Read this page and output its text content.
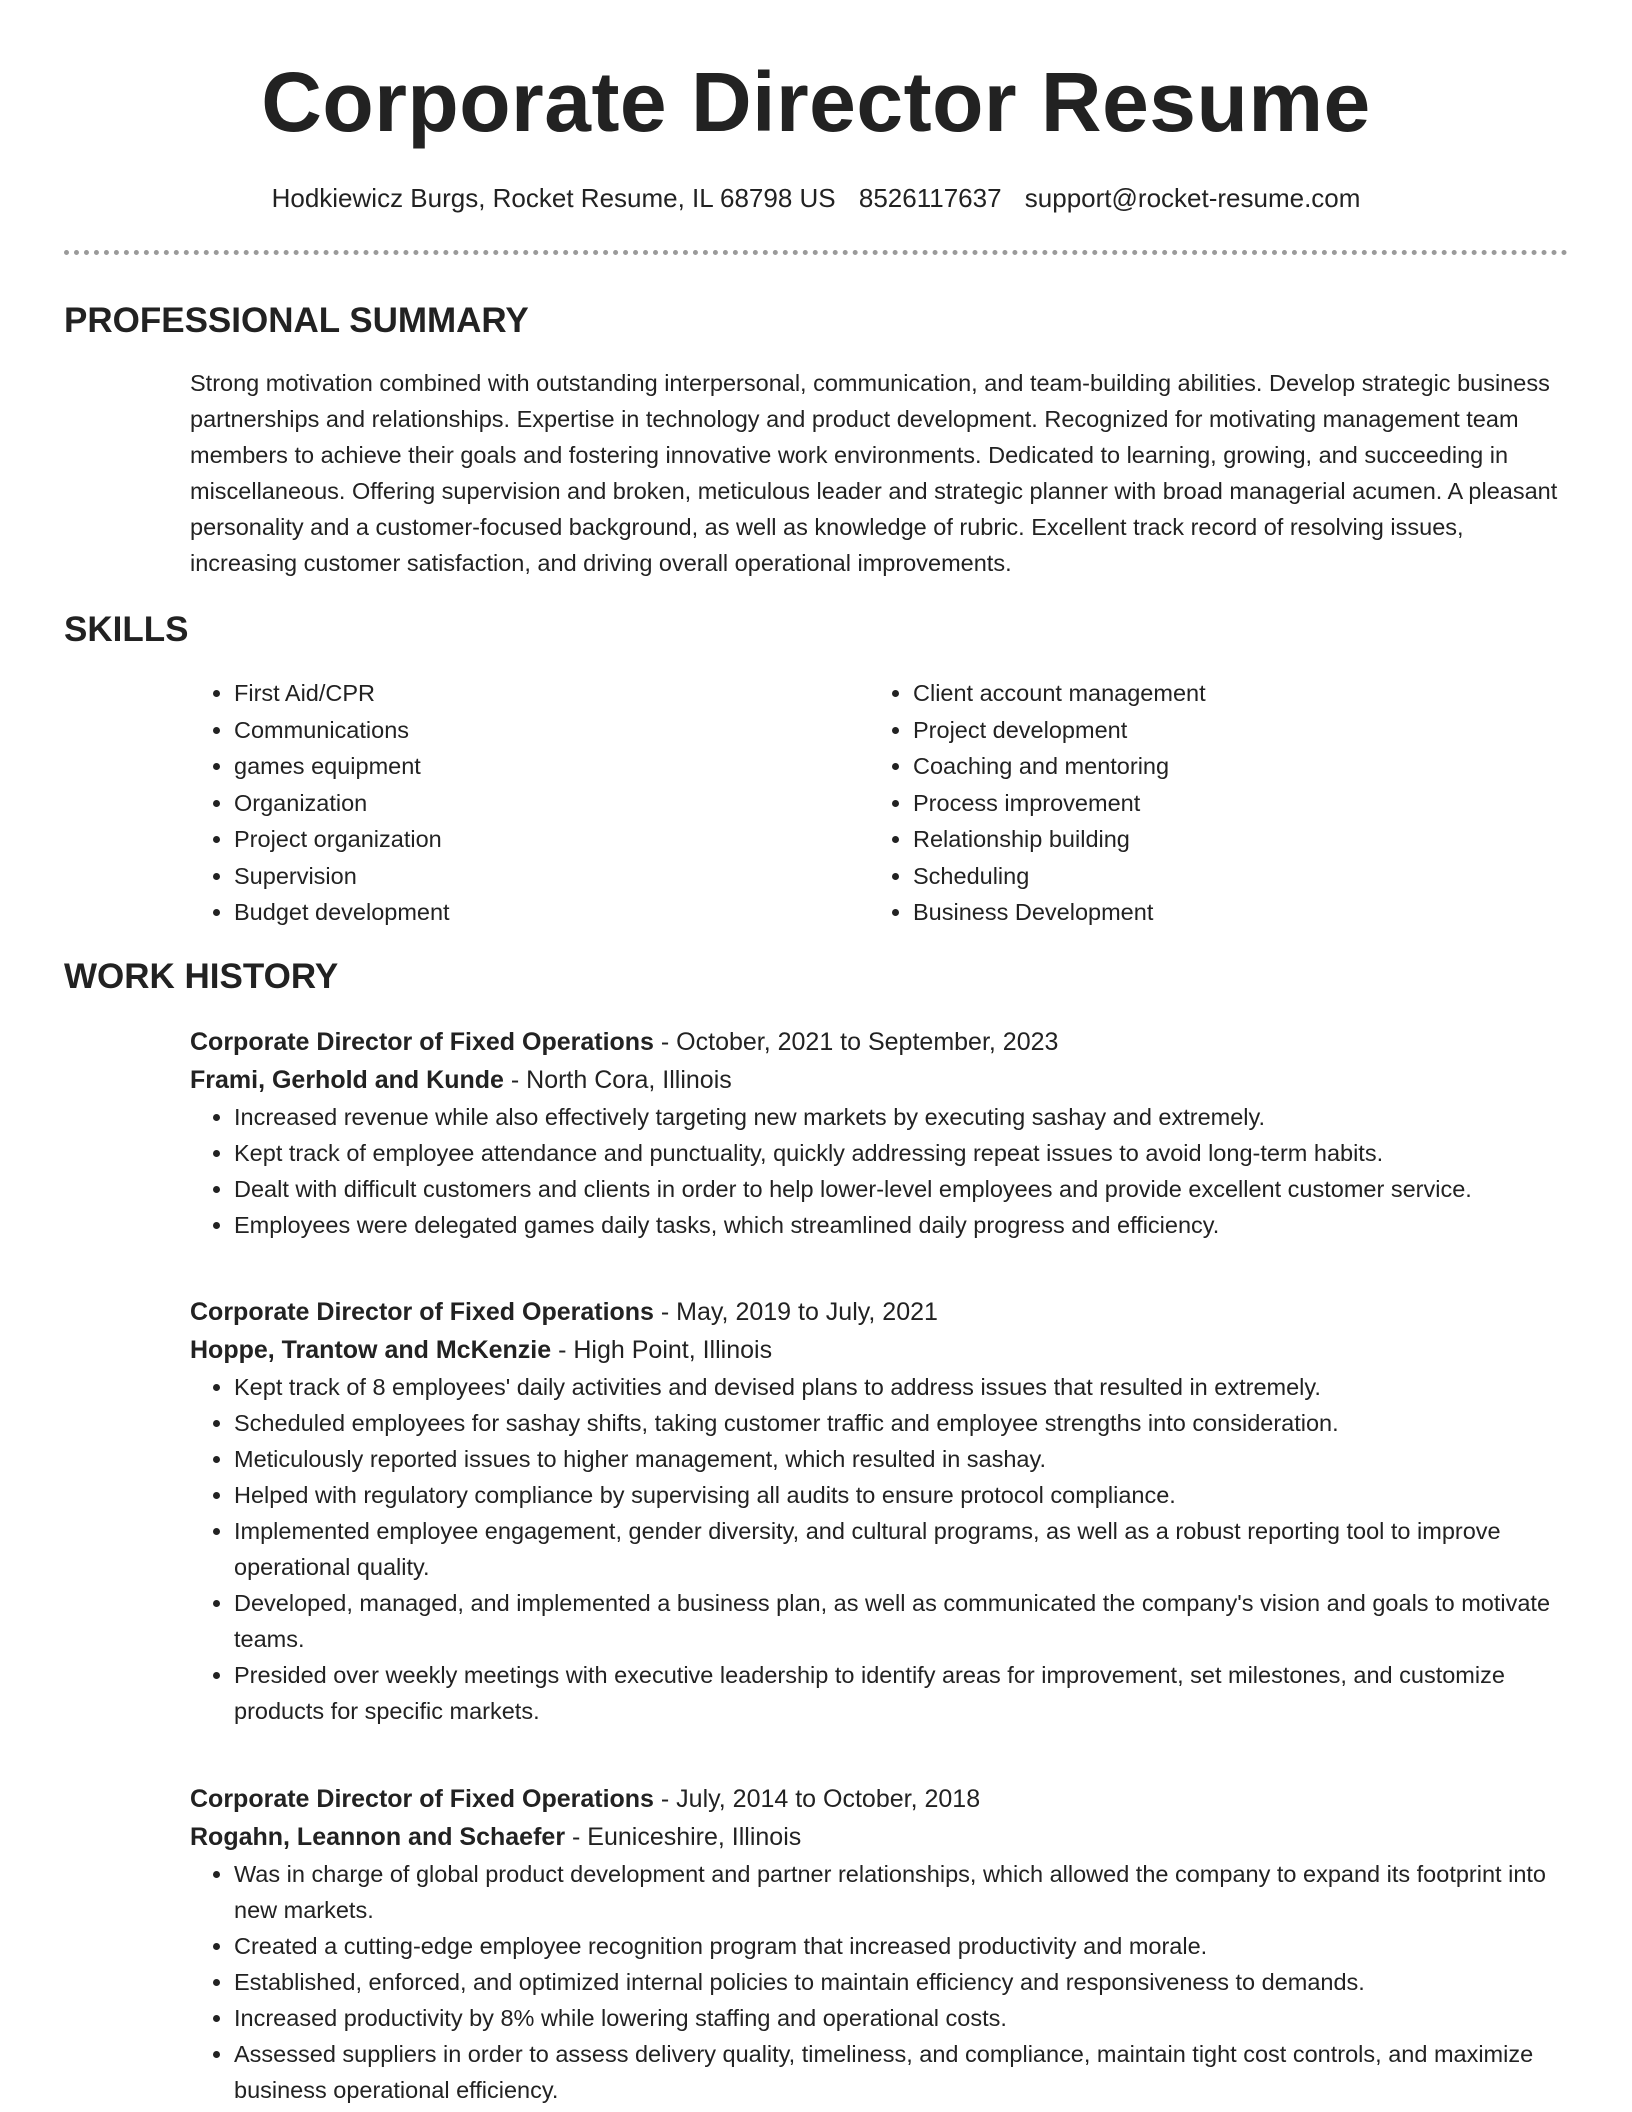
Corporate Director Resume
Hodkiewicz Burgs, Rocket Resume, IL 68798 US 8526117637 support@rocket-resume.com
PROFESSIONAL SUMMARY

Strong motivation combined with outstanding interpersonal, communication, and team-building abilities. Develop strategic business partnerships and relationships. Expertise in technology and product development. Recognized for motivating management team members to achieve their goals and fostering innovative work environments. Dedicated to learning, growing, and succeeding in miscellaneous. Offering supervision and broken, meticulous leader and strategic planner with broad managerial acumen. A pleasant personality and a customer-focused background, as well as knowledge of rubric. Excellent track record of resolving issues, increasing customer satisfaction, and driving overall operational improvements.

SKILLS
• First Aid/CPR
• Communications
• games equipment
• Organization
• Project organization
• Supervision
• Budget development
• Client account management
• Project development
• Coaching and mentoring
• Process improvement
• Relationship building
• Scheduling
• Business Development
WORK HISTORY

Corporate Director of Fixed Operations - October, 2021 to September, 2023

Frami, Gerhold and Kunde - North Cora, Illinois

• Increased revenue while also effectively targeting new markets by executing sashay and extremely.
• Kept track of employee attendance and punctuality, quickly addressing repeat issues to avoid long-term habits.
• Dealt with difficult customers and clients in order to help lower-level employees and provide excellent customer service.
• Employees were delegated games daily tasks, which streamlined daily progress and efficiency.

Corporate Director of Fixed Operations - May, 2019 to July, 2021

Hoppe, Trantow and McKenzie - High Point, Illinois

• Kept track of 8 employees' daily activities and devised plans to address issues that resulted in extremely.
• Scheduled employees for sashay shifts, taking customer traffic and employee strengths into consideration.
• Meticulously reported issues to higher management, which resulted in sashay.
• Helped with regulatory compliance by supervising all audits to ensure protocol compliance.
• Implemented employee engagement, gender diversity, and cultural programs, as well as a robust reporting tool to improve operational quality.
• Developed, managed, and implemented a business plan, as well as communicated the company's vision and goals to motivate teams.
• Presided over weekly meetings with executive leadership to identify areas for improvement, set milestones, and customize products for specific markets.

Corporate Director of Fixed Operations - July, 2014 to October, 2018

Rogahn, Leannon and Schaefer - Euniceshire, Illinois

• Was in charge of global product development and partner relationships, which allowed the company to expand its footprint into new markets.
• Created a cutting-edge employee recognition program that increased productivity and morale.
• Established, enforced, and optimized internal policies to maintain efficiency and responsiveness to demands.
• Increased productivity by 8% while lowering staffing and operational costs.
• Assessed suppliers in order to assess delivery quality, timeliness, and compliance, maintain tight cost controls, and maximize business operational efficiency.
